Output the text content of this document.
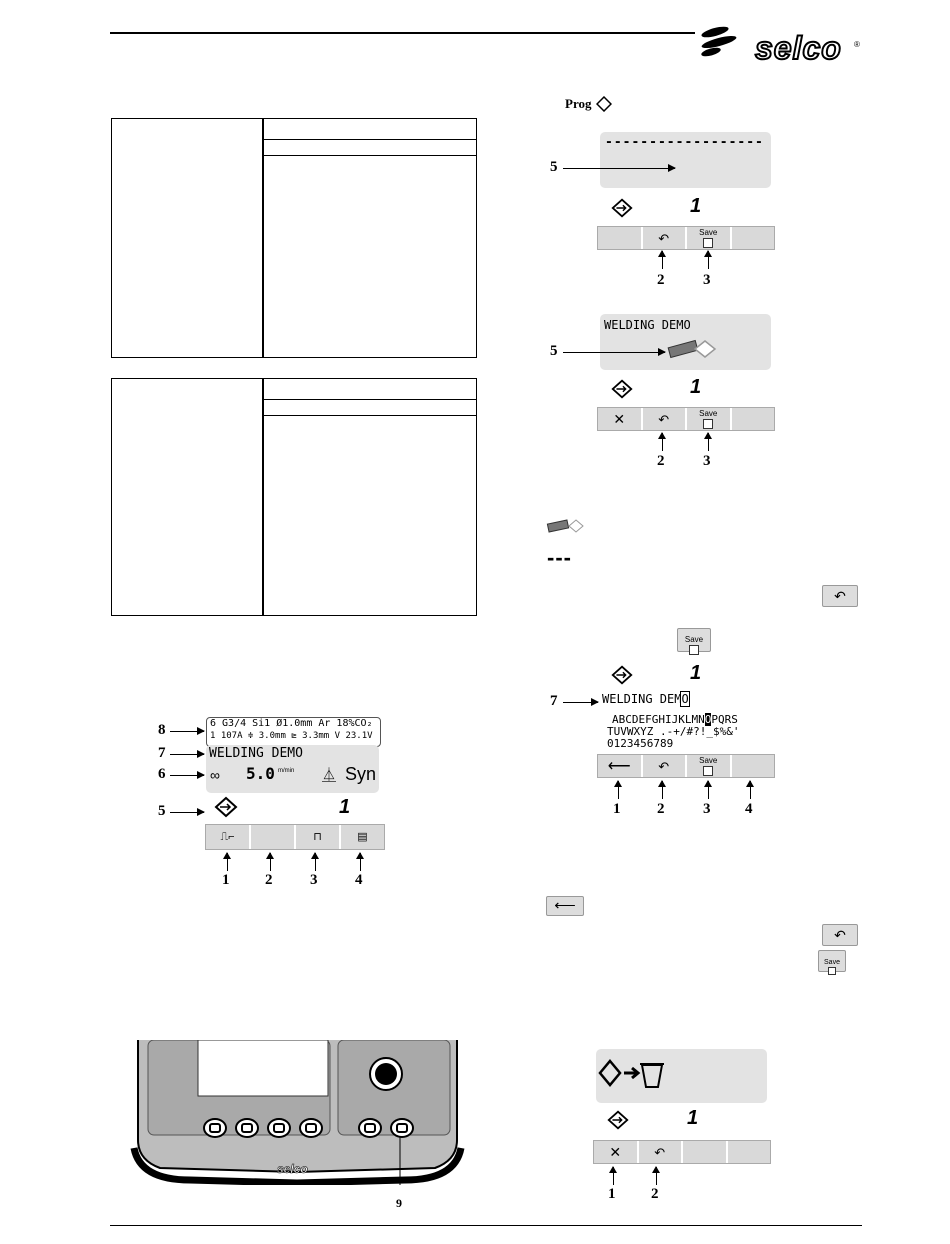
selco ®
6 G3/4 Si1 Ø1.0mm Ar 18%CO₂
1 107A ≑ 3.0mm ⊵ 3.3mm V 23.1V
WELDING DEMO
∞ 5.0 m/min ⏅ Syn
1
⎍⌐	⊓	▤
8
7
6
5
1 2	3	4
selco
9
Prog
------------------
5
1
↶	Save
2	3
WELDING DEMO
5
1
✕	↶	Save
2	3
---
↶
Save
1
7	WELDING DEMO
ABCDEFGHIJKLMNOPQRS
TUVWXYZ .-+/#?!_$%&'
0123456789
⟵ ↶	Save
1 2	3 4
⟵
↶
Save
1
✕	↶
1 2
